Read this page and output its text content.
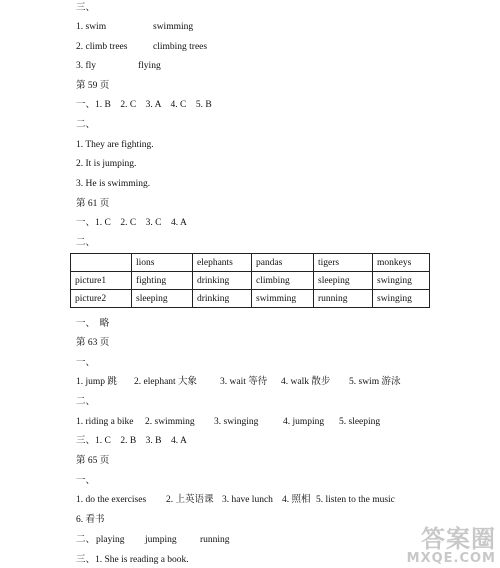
三、
1. swim	swimming
2. climb trees	climbing trees
3. fly	flying
第 59 页
一、1. B　2. C　3. A　4. C　5. B
二、
1. They are fighting.
2. It is jumping.
3. He is swimming.
第 61 页
一、1. C　2. C　3. C　4. A
二、
	lions	elephants	pandas	tigers	monkeys
picture1	fighting	drinking	climbing	sleeping	swinging
picture2	sleeping	drinking	swimming	running	swinging
一、　略
第 63 页
一、
1. jump 跳 2. elephant 大象 3. wait 等待 4. walk 散步 5. swim 游泳
二、
1. riding a bike 2. swimming 3. swinging	4. jumping 5. sleeping
三、1. C　2. B　3. B　4. A
第 65 页
一、
1. do the exercises 2. 上英语课 3. have lunch 4. 照相 5. listen to the music
6. 看书
二、playing jumping running
三、1. She is reading a book.
答案圈
MXQE.COM
